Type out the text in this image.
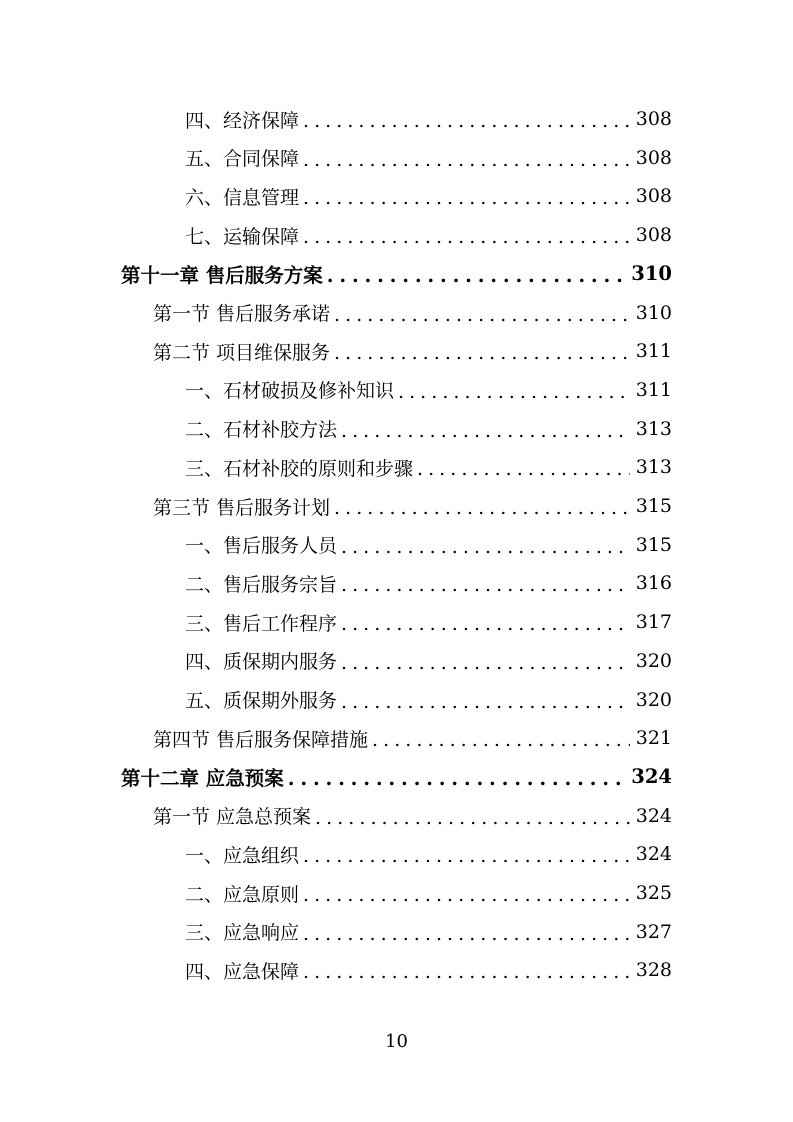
四、经济保障 . . .	308
五、合同保障 . . .	308
六、信息管理 . . .	308
七、运输保障 . . .	308
第十一章 售后服务方案 . . .	310
第一节 售后服务承诺 . . .	310
第二节 项目维保服务 . . .	311
一、石材破损及修补知识 . . .	311
二、石材补胶方法 . . .	313
三、石材补胶的原则和步骤 . . .	313
第三节 售后服务计划 . . .	315
一、售后服务人员 . . .	315
二、售后服务宗旨 . . .	316
三、售后工作程序 . . .	317
四、质保期内服务 . . .	320
五、质保期外服务 . . .	320
第四节 售后服务保障措施 . . .	321
第十二章 应急预案 . . .	324
第一节 应急总预案 . . .	324
一、应急组织 . . .	324
二、应急原则 . . .	325
三、应急响应 . . .	327
四、应急保障 . . .	328
10
